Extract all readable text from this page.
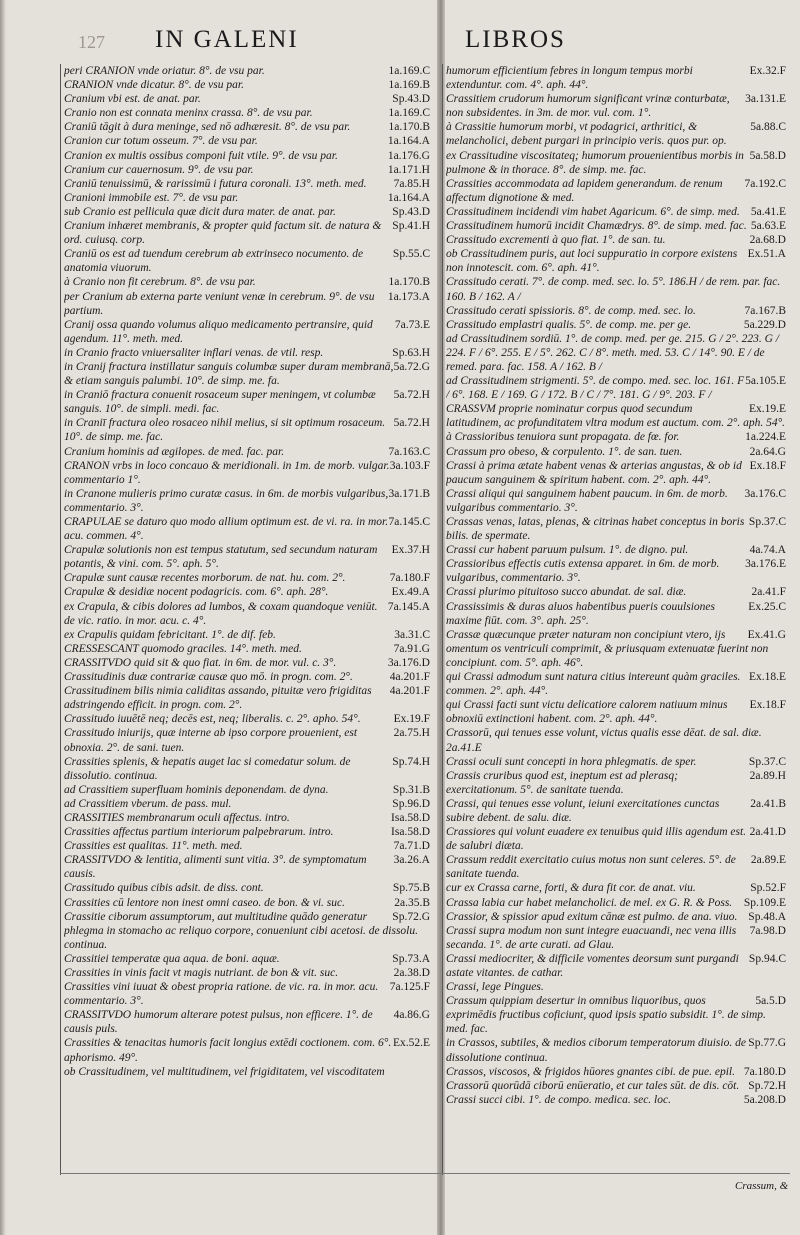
127 IN GALENI	LIBROS

1a.169.C
peri CRANION vnde oriatur. 8°. de vsu par.

1a.169.B
CRANION vnde dicatur. 8°. de vsu par.

Sp.43.D
Cranium vbi est. de anat. par.

1a.169.C
Cranio non est connata meninx crassa. 8°. de vsu par.

1a.170.B
Craniū tāgit à dura meninge, sed nō adhæresit. 8°. de vsu par.

1a.164.A
Cranion cur totum osseum. 7°. de vsu par.

1a.176.G
Cranion ex multis ossibus componi fuit vtile. 9°. de vsu par.

1a.171.H
Cranium cur cauernosum. 9°. de vsu par.

7a.85.H
Craniū tenuissimū, & rarissimū i futura coronali. 13°. meth. med.

1a.164.A
Cranioni immobile est. 7°. de vsu par.

Sp.43.D
sub Cranio est pellicula quæ dicit dura mater. de anat. par.

Sp.41.H
Cranium inhæret membranis, & propter quid factum sit. de natura & ord. cuiusq. corp.

Sp.55.C
Craniū os est ad tuendum cerebrum ab extrinseco nocumento. de anatomia viuorum.

1a.170.B
à Cranio non fit cerebrum. 8°. de vsu par.

1a.173.A
per Cranium ab externa parte veniunt venæ in cerebrum. 9°. de vsu partium.

7a.73.E
Cranij ossa quando volumus aliquo medicamento pertransire, quid agendum. 11°. meth. med.

Sp.63.H
in Cranio fracto vniuersaliter inflari venas. de vtil. resp.

5a.72.G
in Cranij fractura instillatur sanguis columbæ super duram membranā, & etiam sanguis palumbi. 10°. de simp. me. fa.

5a.72.H
in Craniō fractura conuenit rosaceum super meningem, vt columbæ sanguis. 10°. de simpli. medi. fac.

5a.72.H
in Craniī fractura oleo rosaceo nihil melius, si sit optimum rosaceum. 10°. de simp. me. fac.

7a.163.C
Cranium hominis ad ægilopes. de med. fac. par.

3a.103.F
CRANON vrbs in loco concauo & meridionali. in 1m. de morb. vulgar. commentario 1°.

3a.171.B
in Cranone mulieris primo curatæ casus. in 6m. de morbis vulgaribus, commentario. 3°.

7a.145.C
CRAPULAE se daturo quo modo allium optimum est. de vi. ra. in mor. acu. commen. 4°.

Ex.37.H
Crapulæ solutionis non est tempus statutum, sed secundum naturam potantis, & vini. com. 5°. aph. 5°.

7a.180.F
Crapulæ sunt causæ recentes morborum. de nat. hu. com. 2°.

Ex.49.A
Crapulæ & desidiæ nocent podagricis. com. 6°. aph. 28°.

7a.145.A
ex Crapula, & cibis dolores ad lumbos, & coxam quandoque veniūt. de vic. ratio. in mor. acu. c. 4°.

3a.31.C
ex Crapulis quidam febricitant. 1°. de dif. feb.

7a.91.G
CRESSESCANT quomodo graciles. 14°. meth. med.

3a.176.D
CRASSITVDO quid sit & quo fiat. in 6m. de mor. vul. c. 3°.

4a.201.F
Crassitudinis duæ contrariæ causæ quo mō. in progn. com. 2°.

4a.201.F
Crassitudinem bilis nimia caliditas assando, pituitæ vero frigiditas adstringendo efficit. in progn. com. 2°.

Ex.19.F
Crassitudo iuuētē neq; decēs est, neq; liberalis. c. 2°. apho. 54°.

2a.75.H
Crassitudo iniurijs, quæ interne ab ipso corpore prouenient, est obnoxia. 2°. de sani. tuen.

Sp.74.H
Crassities splenis, & hepatis auget lac si comedatur solum. de dissolutio. continua.

Sp.31.B
ad Crassitiem superfluam hominis deponendam. de dyna.

Sp.96.D
ad Crassitiem vberum. de pass. mul.

Isa.58.D
CRASSITIES membranarum oculi affectus. intro.

Isa.58.D
Crassities affectus partium interiorum palpebrarum. intro.

7a.71.D
Crassities est qualitas. 11°. meth. med.

3a.26.A
CRASSITVDO & lentitia, alimenti sunt vitia. 3°. de symptomatum causis.

Sp.75.B
Crassitudo quibus cibis adsit. de diss. cont.

2a.35.B
Crassities cū lentore non inest omni caseo. de bon. & vi. suc.

Sp.72.G
Crassitie ciborum assumptorum, aut multitudine quādo generatur phlegma in stomacho ac reliquo corpore, conueniunt cibi acetosi. de dissolu. continua.

Sp.73.A
Crassitiei temperatæ qua aqua. de boni. aquæ.

2a.38.D
Crassities in vinis facit vt magis nutriant. de bon & vit. suc.

7a.125.F
Crassities vini iuuat & obest propria ratione. de vic. ra. in mor. acu. commentario. 3°.

4a.86.G
CRASSITVDO humorum alterare potest pulsus, non efficere. 1°. de causis puls.

Ex.52.E
Crassities & tenacitas humoris facit longius extēdi coctionem. com. 6°. aphorismo. 49°.

ob Crassitudinem, vel multitudinem, vel frigiditatem, vel viscoditatem

Ex.32.F
humorum efficientium febres in longum tempus morbi extenduntur. com. 4°. aph. 44°.

3a.131.E
Crassitiem crudorum humorum significant vrinæ conturbatæ, non subsidentes. in 3m. de mor. vul. com. 1°.

5a.88.C
à Crassitie humorum morbi, vt podagrici, arthritici, & melancholici, debent purgari in principio veris. quos pur. op.

5a.58.D
ex Crassitudine viscositateq; humorum prouenientibus morbis in pulmone & in thorace. 8°. de simp. me. fac.

7a.192.C
Crassities accommodata ad lapidem generandum. de renum affectum dignotione & med.

5a.41.E
Crassitudinem incidendi vim habet Agaricum. 6°. de simp. med.

5a.63.E
Crassitudinem humorū incidit Chamædrys. 8°. de simp. med. fac.

2a.68.D
Crassitudo excrementi à quo fiat. 1°. de san. tu.

Ex.51.A
ob Crassitudinem puris, aut loci suppuratio in corpore existens non innotescit. com. 6°. aph. 41°.

Crassitudo cerati. 7°. de comp. med. sec. lo. 5°. 186.H / de rem. par. fac. 160. B / 162. A /

7a.167.B
Crassitudo cerati spissioris. 8°. de comp. med. sec. lo.

5a.229.D
Crassitudo emplastri qualis. 5°. de comp. me. per ge.

ad Crassitudinem sordiū. 1°. de comp. med. per ge. 215. G / 2°. 223. G / 224. F / 6°. 255. E / 5°. 262. C / 8°. meth. med. 53. C / 14°. 90. E / de remed. para. fac. 158. A / 162. B /

5a.105.E
ad Crassitudinem strigmenti. 5°. de compo. med. sec. loc. 161. F / 6°. 168. E / 169. G / 172. B / C / 7°. 181. G / 9°. 203. F /

Ex.19.E
CRASSVM proprie nominatur corpus quod secundum latitudinem, ac profunditatem vltra modum est auctum. com. 2°. aph. 54°.

1a.224.E
à Crassioribus tenuiora sunt propagata. de fœ. for.

2a.64.G
Crassum pro obeso, & corpulento. 1°. de san. tuen.

Ex.18.F
Crassi à prima ætate habent venas & arterias angustas, & ob id paucum sanguinem & spiritum habent. com. 2°. aph. 44°.

3a.176.C
Crassi aliqui qui sanguinem habent paucum. in 6m. de morb. vulgaribus commentario. 3°.

Sp.37.C
Crassas venas, latas, plenas, & citrinas habet conceptus in boris bilis. de spermate.

4a.74.A
Crassi cur habent paruum pulsum. 1°. de digno. pul.

3a.176.E
Crassioribus effectis cutis extensa apparet. in 6m. de morb. vulgaribus, commentario. 3°.

2a.41.F
Crassi plurimo pituitoso succo abundat. de sal. diæ.

Ex.25.C
Crassissimis & duras aluos habentibus pueris couulsiones maxime fiūt. com. 3°. aph. 25°.

Ex.41.G
Crassæ quæcunque præter naturam non concipiunt vtero, ijs omentum os ventriculi comprimit, & priusquam extenuatæ fuerint non concipiunt. com. 5°. aph. 46°.

Ex.18.E
qui Crassi admodum sunt natura citius intereunt quàm graciles. commen. 2°. aph. 44°.

Ex.18.F
qui Crassi facti sunt victu delicatiore calorem natiuum minus obnoxiū extinctioni habent. com. 2°. aph. 44°.

Crassorū, qui tenues esse volunt, victus qualis esse dēat. de sal. diæ. 2a.41.E

Sp.37.C
Crassi oculi sunt concepti in hora phlegmatis. de sper.

2a.89.H
Crassis cruribus quod est, ineptum est ad plerasq; exercitationum. 5°. de sanitate tuenda.

2a.41.B
Crassi, qui tenues esse volunt, ieiuni exercitationes cunctas subire debent. de salu. diæ.

2a.41.D
Crassiores qui volunt euadere ex tenuibus quid illis agendum est. de salubri diæta.

2a.89.E
Crassum reddit exercitatio cuius motus non sunt celeres. 5°. de sanitate tuenda.

Sp.52.F
cur ex Crassa carne, forti, & dura fit cor. de anat. viu.

Sp.109.E
Crassa labia cur habet melancholici. de mel. ex G. R. & Poss.

Sp.48.A
Crassior, & spissior apud exitum cānæ est pulmo. de ana. viuo.

7a.98.D
Crassi supra modum non sunt integre euacuandi, nec vena illis secanda. 1°. de arte curati. ad Glau.

Sp.94.C
Crassi mediocriter, & difficile vomentes deorsum sunt purgandi astate vitantes. de cathar.

Crassi, lege Pingues.

5a.5.D
Crassum quippiam desertur in omnibus liquoribus, quos exprimēdis fructibus coficiunt, quod ipsis spatio subsidit. 1°. de simp. med. fac.

Sp.77.G
in Crassos, subtiles, & medios ciborum temperatorum diuisio. de dissolutione continua.

7a.180.D
Crassos, viscosos, & frigidos hūores gnantes cibi. de pue. epil.

Sp.72.H
Crassorū quorūdā ciborū enūeratio, et cur tales sūt. de dis. cōt.

5a.208.D
Crassi succi cibi. 1°. de compo. medica. sec. loc.

Crassum, &
